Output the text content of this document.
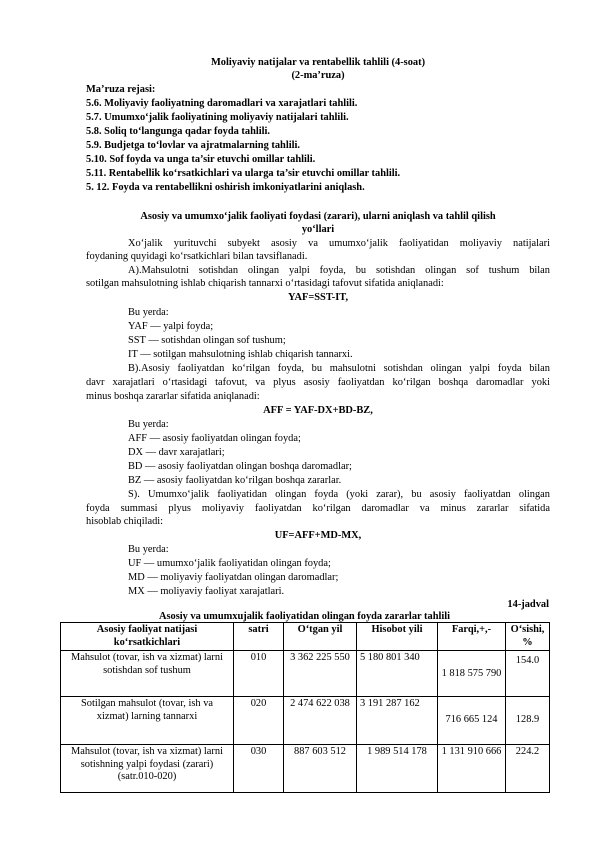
Moliyaviy natijalar va rentabellik tahlili (4-soat)
(2-ma’ruza)
Ma’ruza rejasi:
5.6. Moliyaviy faoliyatning daromadlari va xarajatlari tahlili.
5.7. Umumxo‘jalik faoliyatining moliyaviy natijalari tahlili.
5.8. Soliq to‘langunga qadar foyda tahlili.
5.9. Budjetga to‘lovlar va ajratmalarning tahlili.
5.10. Sof foyda va unga ta’sir etuvchi omillar tahlili.
5.11. Rentabellik ko‘rsatkichlari va ularga ta’sir etuvchi omillar tahlili.
5. 12. Foyda va rentabellikni oshirish imkoniyatlarini aniqlash.
Asosiy va umumxo‘jalik faoliyati foydasi (zarari), ularni aniqlash va tahlil qilish
yo‘llari
Xo‘jalik yurituvchi subyekt asosiy va umumxo‘jalik faoliyatidan moliyaviy natijalari
foydaning quyidagi ko‘rsatkichlari bilan tavsiflanadi.
A).Mahsulotni sotishdan olingan yalpi foyda, bu sotishdan olingan sof tushum bilan
sotilgan mahsulotning ishlab chiqarish tannarxi o‘rtasidagi tafovut sifatida aniqlanadi:
YAF=SST-IT,
Bu yerda:
YAF — yalpi foyda;
SST — sotishdan olingan sof tushum;
IT — sotilgan mahsulotning ishlab chiqarish tannarxi.
B).Asosiy faoliyatdan ko‘rilgan foyda, bu mahsulotni sotishdan olingan yalpi foyda bilan
davr xarajatlari o‘rtasidagi tafovut, va plyus asosiy faoliyatdan ko‘rilgan boshqa daromadlar yoki
minus boshqa zararlar sifatida aniqlanadi:
AFF = YAF-DX+BD-BZ,
Bu yerda:
AFF — asosiy faoliyatdan olingan foyda;
DX — davr xarajatlari;
BD — asosiy faoliyatdan olingan boshqa daromadlar;
BZ — asosiy faoliyatdan ko‘rilgan boshqa zararlar.
S). Umumxo‘jalik faoliyatidan olingan foyda (yoki zarar), bu asosiy faoliyatdan olingan
foyda summasi plyus moliyaviy faoliyatdan ko‘rilgan daromadlar va minus zararlar sifatida
hisoblab chiqiladi:
UF=AFF+MD-MX,
Bu yerda:
UF — umumxo‘jalik faoliyatidan olingan foyda;
MD — moliyaviy faoliyatdan olingan daromadlar;
MX — moliyaviy faoliyat xarajatlari.
14-jadval
Asosiy va umumxujalik faoliyatidan olingan foyda zararlar tahlili
Asosiy faoliyat natijasi ko‘rsatkichlari	satri	O‘tgan yil	Hisobot yili	Farqi,+,-	O‘sishi, %
Mahsulot (tovar, ish va xizmat) larni sotishdan sof tushum	010	3 362 225 550	5 180 801 340	1 818 575 790	154.0

Sotilgan mahsulot (tovar, ish va xizmat) larning tannarxi	020	2 474 622 038	3 191 287 162	716 665 124	128.9

Mahsulot (tovar, ish va xizmat) larni sotishning yalpi foydasi (zarari) (satr.010-020)	030	887 603 512	1 989 514 178	1 131 910 666	224.2
